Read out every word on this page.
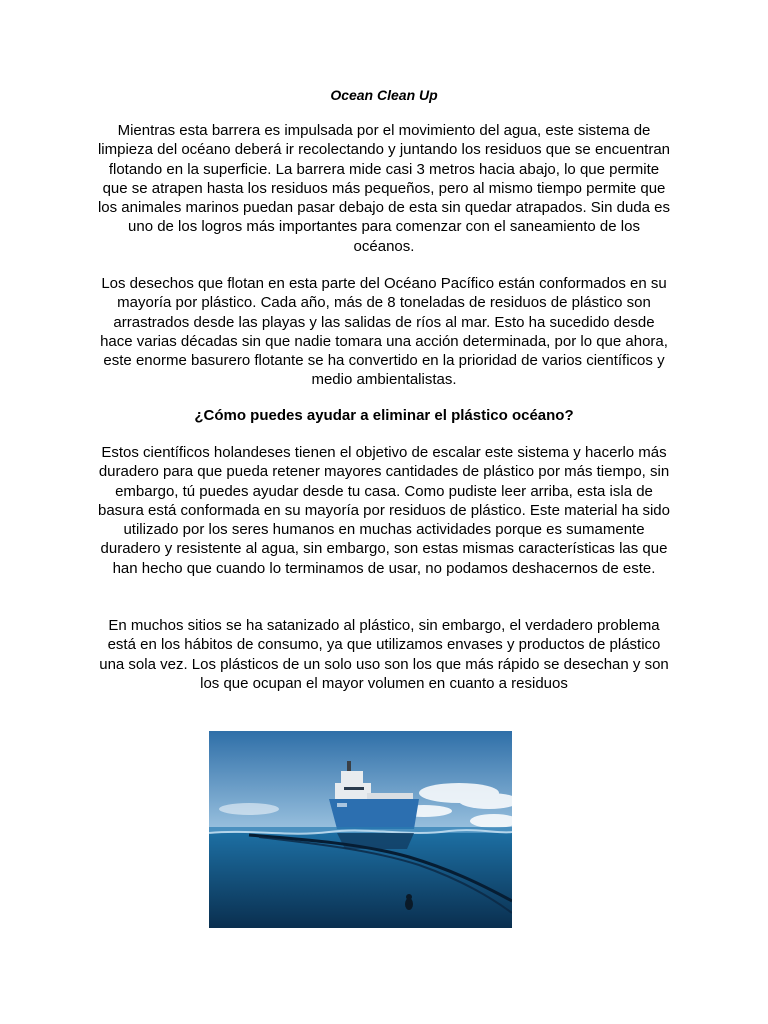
Ocean Clean Up

Mientras esta barrera es impulsada por el movimiento del agua, este sistema de limpieza del océano deberá ir recolectando y juntando los residuos que se encuentran flotando en la superficie. La barrera mide casi 3 metros hacia abajo, lo que permite que se atrapen hasta los residuos más pequeños, pero al mismo tiempo permite que los animales marinos puedan pasar debajo de esta sin quedar atrapados. Sin duda es uno de los logros más importantes para comenzar con el saneamiento de los océanos.

Los desechos que flotan en esta parte del Océano Pacífico están conformados en su mayoría por plástico. Cada año, más de 8 toneladas de residuos de plástico son arrastrados desde las playas y las salidas de ríos al mar. Esto ha sucedido desde hace varias décadas sin que nadie tomara una acción determinada, por lo que ahora, este enorme basurero flotante se ha convertido en la prioridad de varios científicos y medio ambientalistas.

¿Cómo puedes ayudar a eliminar el plástico océano?

Estos científicos holandeses tienen el objetivo de escalar este sistema y hacerlo más duradero para que pueda retener mayores cantidades de plástico por más tiempo, sin embargo, tú puedes ayudar desde tu casa. Como pudiste leer arriba, esta isla de basura está conformada en su mayoría por residuos de plástico. Este material ha sido utilizado por los seres humanos en muchas actividades porque es sumamente duradero y resistente al agua, sin embargo, son estas mismas características las que han hecho que cuando lo terminamos de usar, no podamos deshacernos de este.

En muchos sitios se ha satanizado al plástico, sin embargo, el verdadero problema está en los hábitos de consumo, ya que utilizamos envases y productos de plástico una sola vez. Los plásticos de un solo uso son los que más rápido se desechan y son los que ocupan el mayor volumen en cuanto a residuos
